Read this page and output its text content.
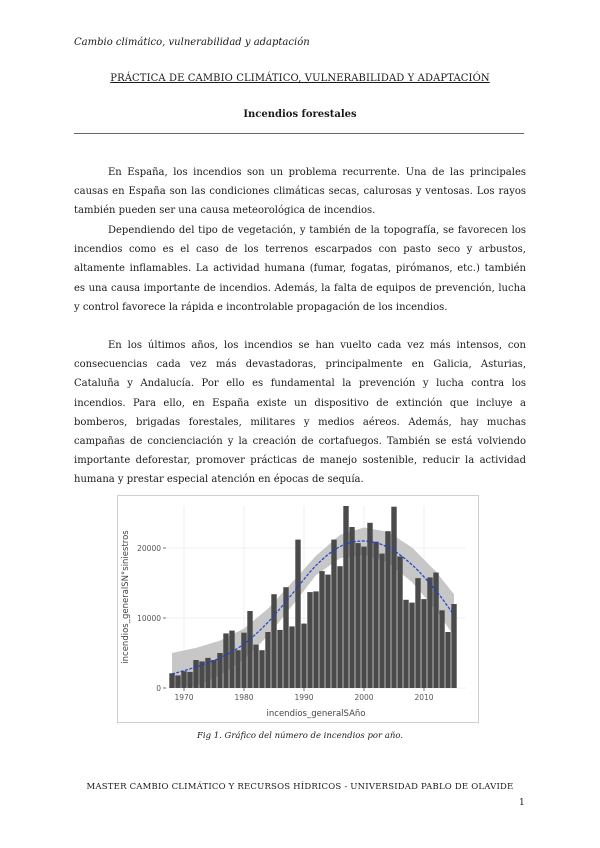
Cambio climático, vulnerabilidad y adaptación
PRÁCTICA DE CAMBIO CLIMÁTICO, VULNERABILIDAD Y ADAPTACIÓN
Incendios forestales

En España, los incendios son un problema recurrente. Una de las principales causas en España son las condiciones climáticas secas, calurosas y ventosas. Los rayos también pueden ser una causa meteorológica de incendios.

Dependiendo del tipo de vegetación, y también de la topografía, se favorecen los incendios como es el caso de los terrenos escarpados con pasto seco y arbustos, altamente inflamables. La actividad humana (fumar, fogatas, pirómanos, etc.) también es una causa importante de incendios. Además, la falta de equipos de prevención, lucha y control favorece la rápida e incontrolable propagación de los incendios.

En los últimos años, los incendios se han vuelto cada vez más intensos, con consecuencias cada vez más devastadoras, principalmente en Galicia, Asturias, Cataluña y Andalucía. Por ello es fundamental la prevención y lucha contra los incendios. Para ello, en España existe un dispositivo de extinción que incluye a bomberos, brigadas forestales, militares y medios aéreos. Además, hay muchas campañas de concienciación y la creación de cortafuegos. También se está volviendo importante deforestar, promover prácticas de manejo sostenible, reducir la actividad humana y prestar especial atención en épocas de sequía.

1970	1980	1990	2000	2010
0
10000
20000
incendios_generalSAño
incendios_generalSN°siniestros
Fig 1. Gráfico del número de incendios por año.
MASTER CAMBIO CLIMÁTICO Y RECURSOS HÍDRICOS - UNIVERSIDAD PABLO DE OLAVIDE
1
